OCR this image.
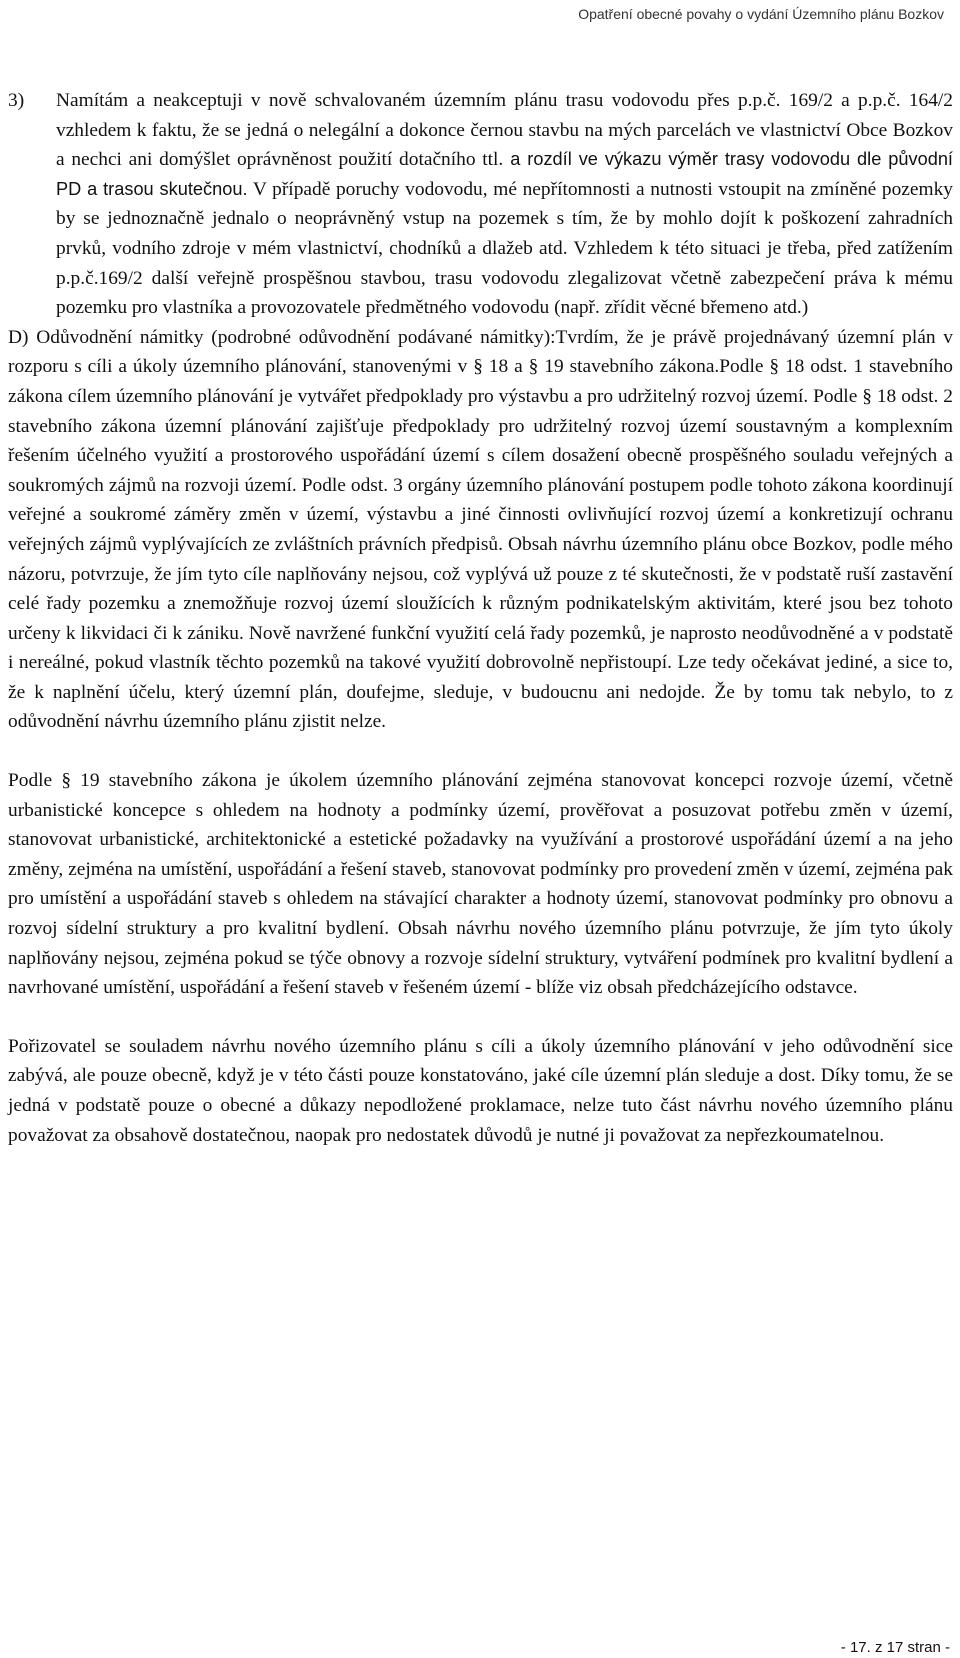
Opatření obecné povahy o vydání Územního plánu Bozkov
3)	Namítám a neakceptuji v nově schvalovaném územním plánu trasu vodovodu přes p.p.č. 169/2 a p.p.č. 164/2 vzhledem k faktu, že se jedná o nelegální a dokonce černou stavbu na mých parcelách ve vlastnictví Obce Bozkov a nechci ani domýšlet oprávněnost použití dotačního ttl. a rozdíl ve výkazu výměr trasy vodovodu dle původní PD a trasou skutečnou. V případě poruchy vodovodu, mé nepřítomnosti a nutnosti vstoupit na zmíněné pozemky by se jednoznačně jednalo o neoprávněný vstup na pozemek s tím, že by mohlo dojít k poškození zahradních prvků, vodního zdroje v mém vlastnictví, chodníků a dlažeb atd. Vzhledem k této situaci je třeba, před zatížením p.p.č.169/2 další veřejně prospěšnou stavbou, trasu vodovodu zlegalizovat včetně zabezpečení práva k mému pozemku pro vlastníka a provozovatele předmětného vodovodu (např. zřídit věcné břemeno atd.)

D) Odůvodnění námitky (podrobné odůvodnění podávané námitky):Tvrdím, že je právě projednávaný územní plán v rozporu s cíli a úkoly územního plánování, stanovenými v § 18 a § 19 stavebního zákona.Podle § 18 odst. 1 stavebního zákona cílem územního plánování je vytvářet předpoklady pro výstavbu a pro udržitelný rozvoj území. Podle § 18 odst. 2 stavebního zákona územní plánování zajišťuje předpoklady pro udržitelný rozvoj území soustavným a komplexním řešením účelného využití a prostorového uspořádání území s cílem dosažení obecně prospěšného souladu veřejných a soukromých zájmů na rozvoji území. Podle odst. 3 orgány územního plánování postupem podle tohoto zákona koordinují veřejné a soukromé záměry změn v území, výstavbu a jiné činnosti ovlivňující rozvoj území a konkretizují ochranu veřejných zájmů vyplývajících ze zvláštních právních předpisů. Obsah návrhu územního plánu obce Bozkov, podle mého názoru, potvrzuje, že jím tyto cíle naplňovány nejsou, což vyplývá už pouze z té skutečnosti, že v podstatě ruší zastavění celé řady pozemku a znemožňuje rozvoj území sloužících k různým podnikatelským aktivitám, které jsou bez tohoto určeny k likvidaci či k zániku. Nově navržené funkční využití celá řady pozemků, je naprosto neodůvodněné a v podstatě i nereálné, pokud vlastník těchto pozemků na takové využití dobrovolně nepřistoupí. Lze tedy očekávat jediné, a sice to, že k naplnění účelu, který územní plán, doufejme, sleduje, v budoucnu ani nedojde. Že by tomu tak nebylo, to z odůvodnění návrhu územního plánu zjistit nelze.

Podle § 19 stavebního zákona je úkolem územního plánování zejména stanovovat koncepci rozvoje území, včetně urbanistické koncepce s ohledem na hodnoty a podmínky území, prověřovat a posuzovat potřebu změn v území, stanovovat urbanistické, architektonické a estetické požadavky na využívání a prostorové uspořádání území a na jeho změny, zejména na umístění, uspořádání a řešení staveb, stanovovat podmínky pro provedení změn v území, zejména pak pro umístění a uspořádání staveb s ohledem na stávající charakter a hodnoty území, stanovovat podmínky pro obnovu a rozvoj sídelní struktury a pro kvalitní bydlení. Obsah návrhu nového územního plánu potvrzuje, že jím tyto úkoly naplňovány nejsou, zejména pokud se týče obnovy a rozvoje sídelní struktury, vytváření podmínek pro kvalitní bydlení a navrhované umístění, uspořádání a řešení staveb v řešeném území - blíže viz obsah předcházejícího odstavce.

Pořizovatel se souladem návrhu nového územního plánu s cíli a úkoly územního plánování v jeho odůvodnění sice zabývá, ale pouze obecně, když je v této části pouze konstatováno, jaké cíle územní plán sleduje a dost. Díky tomu, že se jedná v podstatě pouze o obecné a důkazy nepodložené proklamace, nelze tuto část návrhu nového územního plánu považovat za obsahově dostatečnou, naopak pro nedostatek důvodů je nutné ji považovat za nepřezkoumatelnou.

- 17. z 17 stran -
